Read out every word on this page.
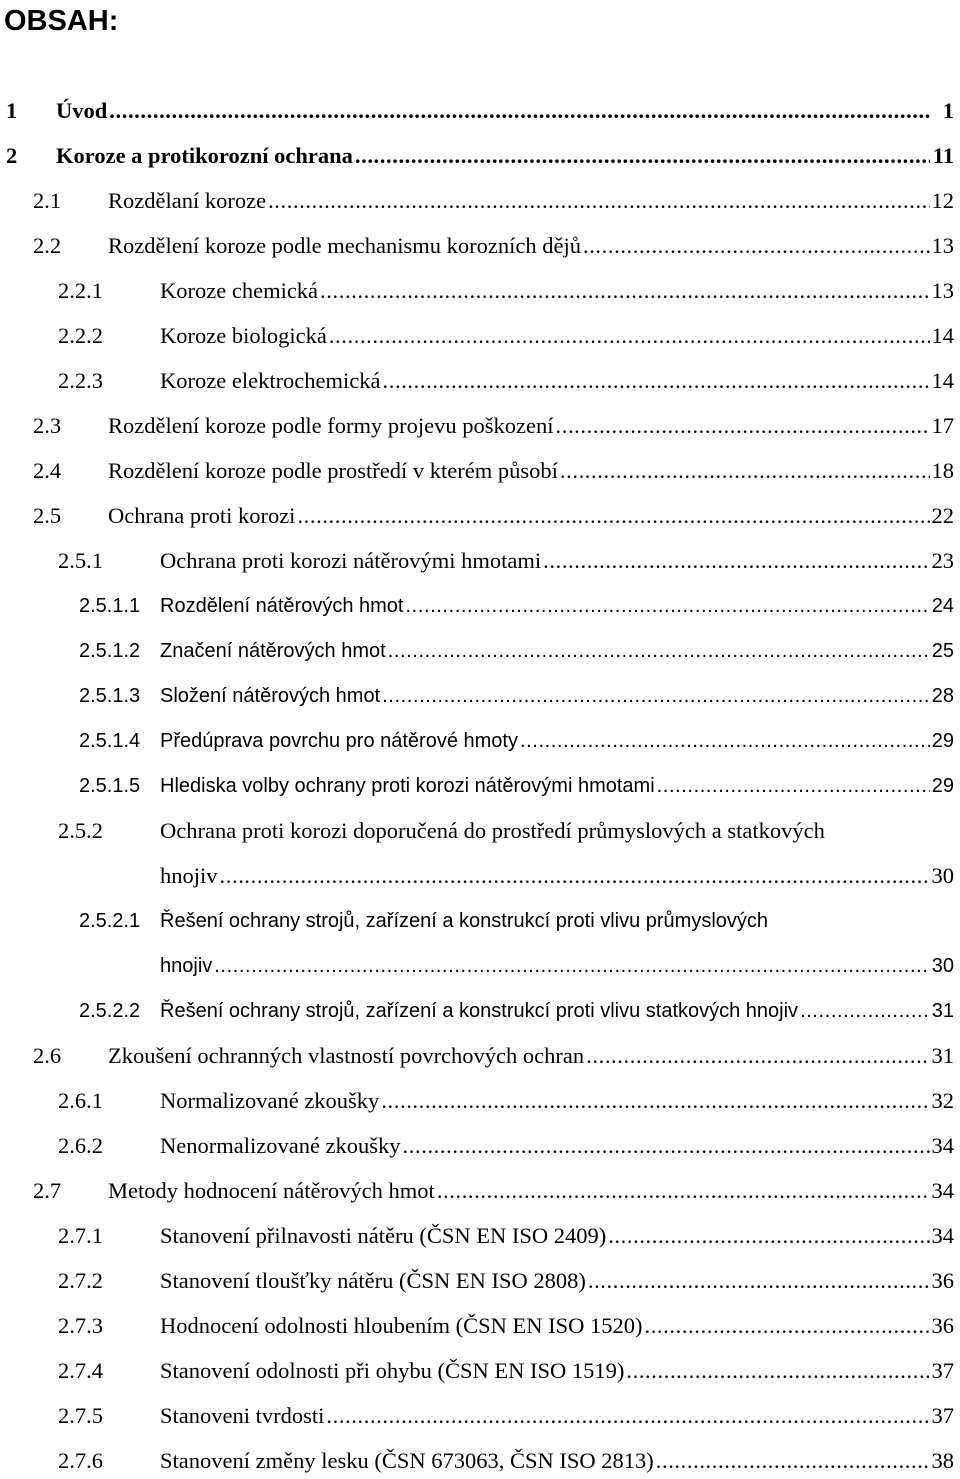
OBSAH:
1 Úvod .....	1
2 Koroze a protikorozní ochrana .....	11
2.1 Rozdělaní koroze .....	12
2.2 Rozdělení koroze podle mechanismu korozních dějů .....	13
2.2.1	Koroze chemická .....	13
2.2.2	Koroze biologická .....	14
2.2.3	Koroze elektrochemická .....	14
2.3 Rozdělení koroze podle formy projevu poškození .....	17
2.4 Rozdělení koroze podle prostředí v kterém působí .....	18
2.5 Ochrana proti korozi .....	22
2.5.1	Ochrana proti korozi nátěrovými hmotami .....	23
2.5.1.1 Rozdělení nátěrových hmot .....	24
2.5.1.2 Značení nátěrových hmot .....	25
2.5.1.3 Složení nátěrových hmot .....	28
2.5.1.4 Předúprava povrchu pro nátěrové hmoty .....	29
2.5.1.5 Hlediska volby ochrany proti korozi nátěrovými hmotami .....	29
2.5.2	Ochrana proti korozi doporučená do prostředí průmyslových a statkových
hnojiv .....	30
2.5.2.1 Řešení ochrany strojů, zařízení a konstrukcí proti vlivu průmyslových
hnojiv .....	30
2.5.2.2 Řešení ochrany strojů, zařízení a konstrukcí proti vlivu statkových hnojiv .....	31
2.6 Zkoušení ochranných vlastností povrchových ochran .....	31
2.6.1	Normalizované zkoušky .....	32
2.6.2	Nenormalizované zkoušky .....	34
2.7 Metody hodnocení nátěrových hmot .....	34
2.7.1	Stanovení přilnavosti nátěru (ČSN EN ISO 2409) .....	34
2.7.2	Stanovení tloušťky nátěru (ČSN EN ISO 2808) .....	36
2.7.3	Hodnocení odolnosti hloubením (ČSN EN ISO 1520) .....	36
2.7.4	Stanovení odolnosti při ohybu (ČSN EN ISO 1519) .....	37
2.7.5	Stanoveni tvrdosti .....	37
2.7.6	Stanovení změny lesku (ČSN 673063, ČSN ISO 2813) .....	38
